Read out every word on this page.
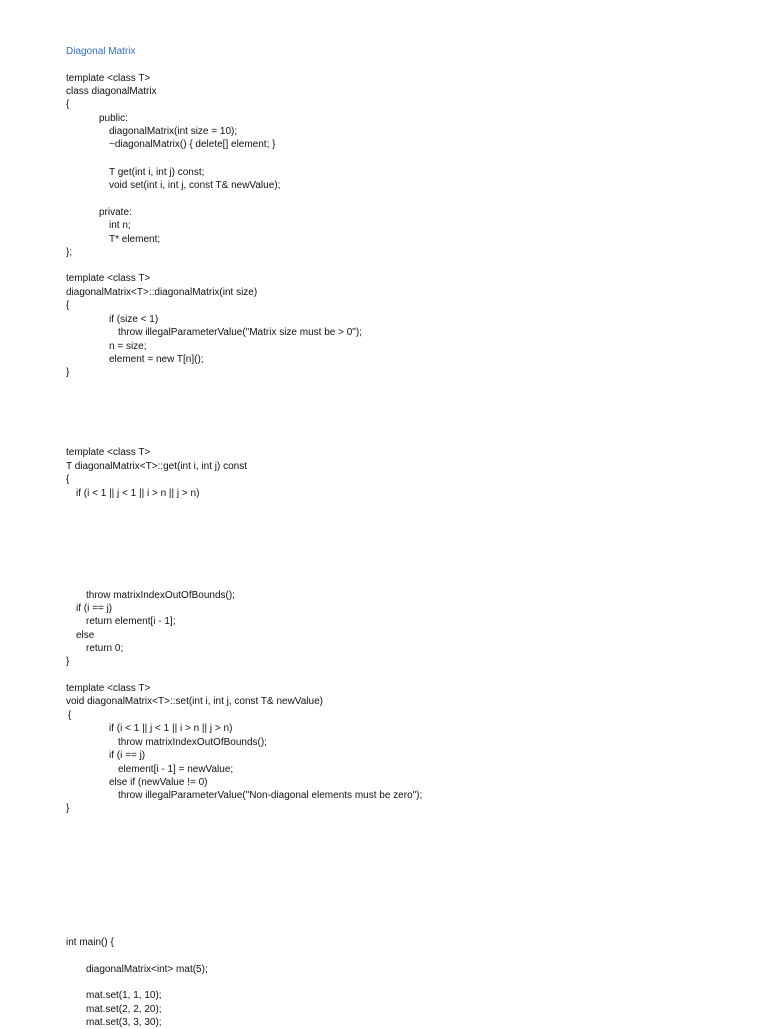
Diagonal Matrix
template <class T>
class diagonalMatrix
{
public:
diagonalMatrix(int size = 10);
~diagonalMatrix() { delete[] element; }
T get(int i, int j) const;
void set(int i, int j, const T& newValue);
private:
int n;
T* element;
};
template <class T>
diagonalMatrix<T>::diagonalMatrix(int size)
{
if (size < 1)
throw illegalParameterValue("Matrix size must be > 0");
n = size;
element = new T[n]();
}
template <class T>
T diagonalMatrix<T>::get(int i, int j) const
{
if (i < 1 || j < 1 || i > n || j > n)
throw matrixIndexOutOfBounds();
if (i == j)
return element[i - 1];
else
return 0;
}
template <class T>
void diagonalMatrix<T>::set(int i, int j, const T& newValue)
{
if (i < 1 || j < 1 || i > n || j > n)
throw matrixIndexOutOfBounds();
if (i == j)
element[i - 1] = newValue;
else if (newValue != 0)
throw illegalParameterValue("Non-diagonal elements must be zero");
}
int main() {
diagonalMatrix<int> mat(5);
mat.set(1, 1, 10);
mat.set(2, 2, 20);
mat.set(3, 3, 30);
